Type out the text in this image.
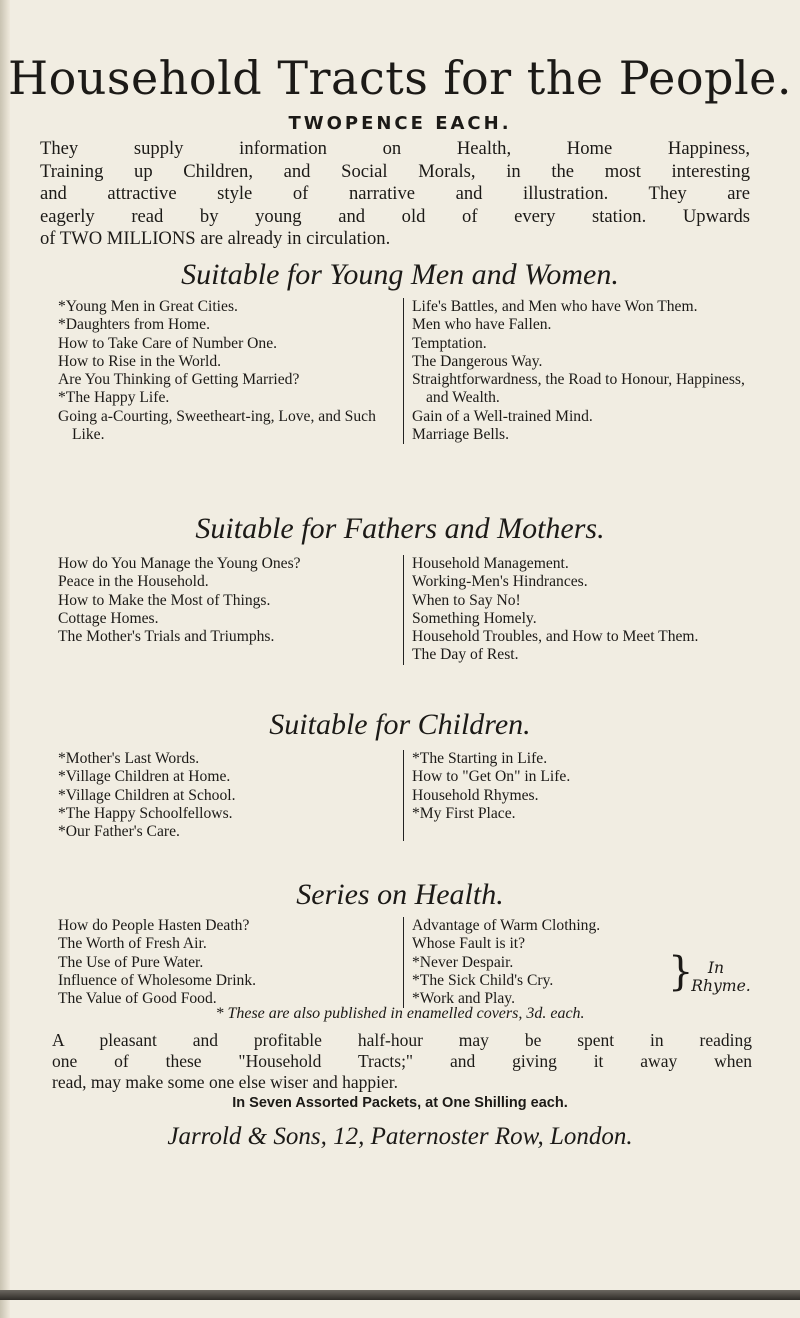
Household Tracts for the People.
TWOPENCE EACH.
They supply information on Health, Home Happiness,
Training up Children, and Social Morals, in the most interesting
and attractive style of narrative and illustration. They are
eagerly read by young and old of every station. Upwards
of TWO MILLIONS are already in circulation.
Suitable for Young Men and Women.

*Young Men in Great Cities.

*Daughters from Home.

How to Take Care of Number One.

How to Rise in the World.

Are You Thinking of Getting Married?

*The Happy Life.

Going a-Courting, Sweetheart-ing, Love, and Such Like.

Life's Battles, and Men who have Won Them.

Men who have Fallen.

Temptation.

The Dangerous Way.

Straightforwardness, the Road to Honour, Happiness, and Wealth.

Gain of a Well-trained Mind.

Marriage Bells.

Suitable for Fathers and Mothers.

How do You Manage the Young Ones?

Peace in the Household.

How to Make the Most of Things.

Cottage Homes.

The Mother's Trials and Triumphs.

Household Management.

Working-Men's Hindrances.

When to Say No!

Something Homely.

Household Troubles, and How to Meet Them.

The Day of Rest.

Suitable for Children.

*Mother's Last Words.

*Village Children at Home.

*Village Children at School.

*The Happy Schoolfellows.

*Our Father's Care.

*The Starting in Life.

How to "Get On" in Life.

Household Rhymes.

*My First Place.

Series on Health.

How do People Hasten Death?

The Worth of Fresh Air.

The Use of Pure Water.

Influence of Wholesome Drink.

The Value of Good Food.

Advantage of Warm Clothing.

Whose Fault is it?

*Never Despair.

*The Sick Child's Cry.

*Work and Play.

} In
Rhyme.
* These are also published in enamelled covers, 3d. each.
A pleasant and profitable half-hour may be spent in reading
one of these "Household Tracts;" and giving it away when
read, may make some one else wiser and happier.
In Seven Assorted Packets, at One Shilling each.
Jarrold & Sons, 12, Paternoster Row, London.
